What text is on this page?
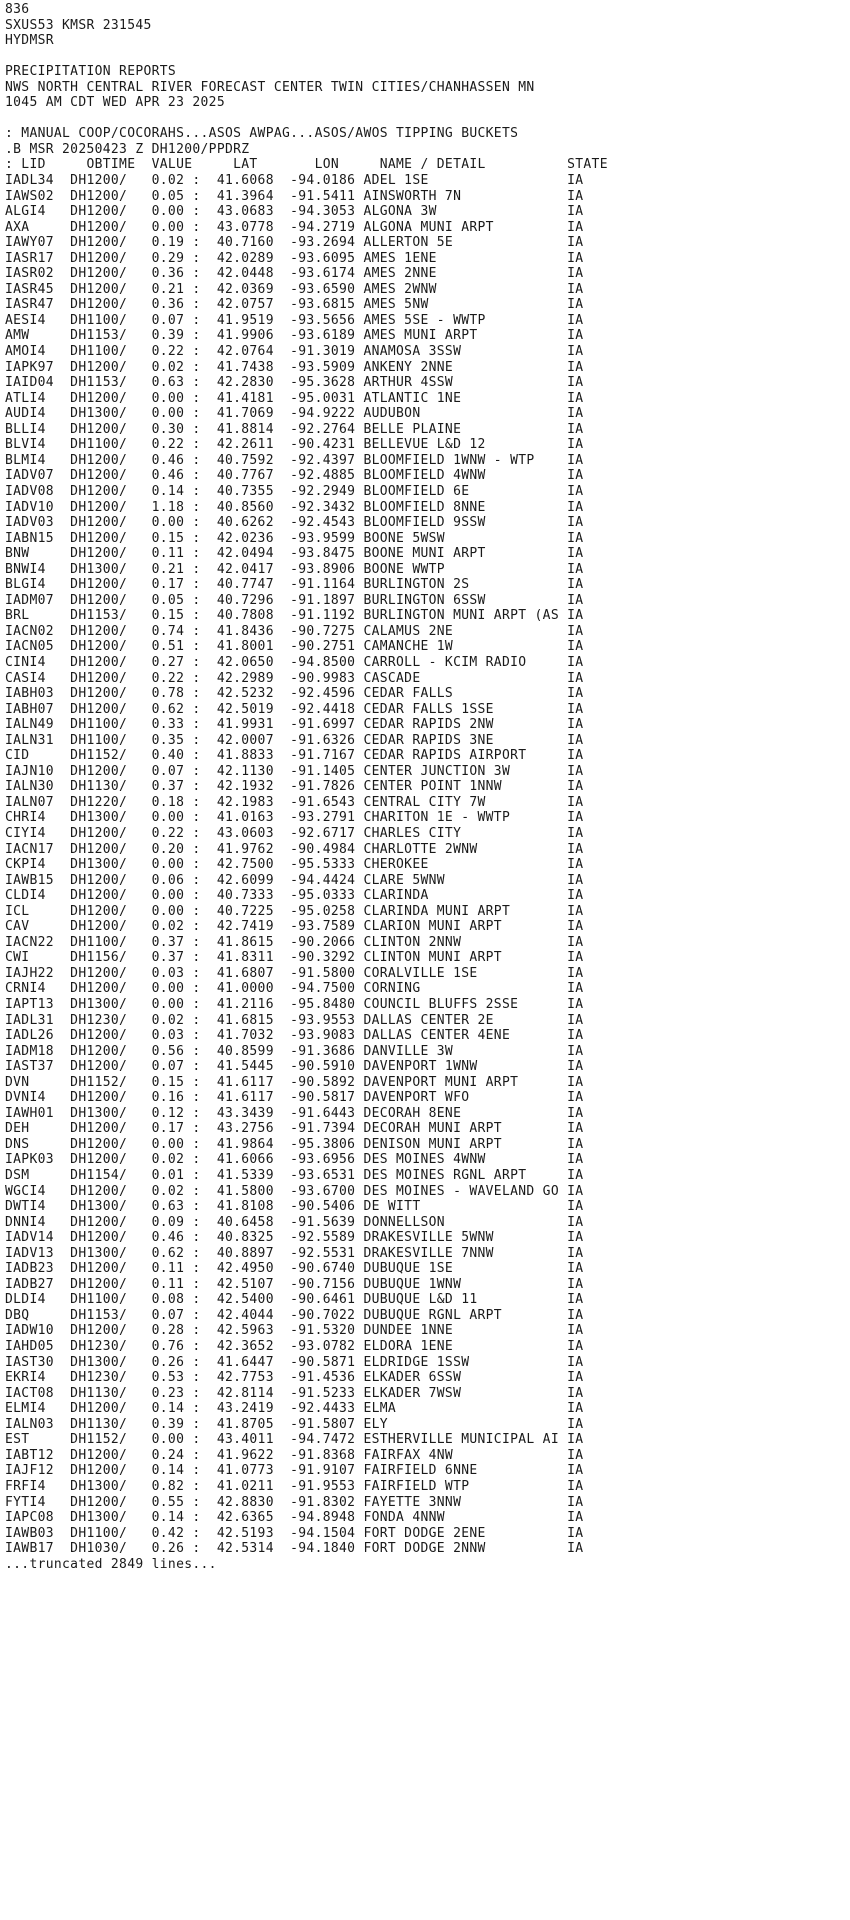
836
SXUS53 KMSR 231545
HYDMSR
PRECIPITATION REPORTS
NWS NORTH CENTRAL RIVER FORECAST CENTER TWIN CITIES/CHANHASSEN MN
1045 AM CDT WED APR 23 2025
: MANUAL COOP/COCORAHS...ASOS AWPAG...ASOS/AWOS TIPPING BUCKETS
.B MSR 20250423 Z DH1200/PPDRZ
: LID     OBTIME  VALUE     LAT       LON     NAME / DETAIL          STATE
IADL34  DH1200/   0.02 :  41.6068  -94.0186 ADEL 1SE                 IA
IAWS02  DH1200/   0.05 :  41.3964  -91.5411 AINSWORTH 7N             IA
ALGI4   DH1200/   0.00 :  43.0683  -94.3053 ALGONA 3W                IA
AXA     DH1200/   0.00 :  43.0778  -94.2719 ALGONA MUNI ARPT         IA
IAWY07  DH1200/   0.19 :  40.7160  -93.2694 ALLERTON 5E              IA
IASR17  DH1200/   0.29 :  42.0289  -93.6095 AMES 1ENE                IA
IASR02  DH1200/   0.36 :  42.0448  -93.6174 AMES 2NNE                IA
IASR45  DH1200/   0.21 :  42.0369  -93.6590 AMES 2WNW                IA
IASR47  DH1200/   0.36 :  42.0757  -93.6815 AMES 5NW                 IA
AESI4   DH1100/   0.07 :  41.9519  -93.5656 AMES 5SE - WWTP          IA
AMW     DH1153/   0.39 :  41.9906  -93.6189 AMES MUNI ARPT           IA
AMOI4   DH1100/   0.22 :  42.0764  -91.3019 ANAMOSA 3SSW             IA
IAPK97  DH1200/   0.02 :  41.7438  -93.5909 ANKENY 2NNE              IA
IAID04  DH1153/   0.63 :  42.2830  -95.3628 ARTHUR 4SSW              IA
ATLI4   DH1200/   0.00 :  41.4181  -95.0031 ATLANTIC 1NE             IA
AUDI4   DH1300/   0.00 :  41.7069  -94.9222 AUDUBON                  IA
BLLI4   DH1200/   0.30 :  41.8814  -92.2764 BELLE PLAINE             IA
BLVI4   DH1100/   0.22 :  42.2611  -90.4231 BELLEVUE L&D 12          IA
BLMI4   DH1200/   0.46 :  40.7592  -92.4397 BLOOMFIELD 1WNW - WTP    IA
IADV07  DH1200/   0.46 :  40.7767  -92.4885 BLOOMFIELD 4WNW          IA
IADV08  DH1200/   0.14 :  40.7355  -92.2949 BLOOMFIELD 6E            IA
IADV10  DH1200/   1.18 :  40.8560  -92.3432 BLOOMFIELD 8NNE          IA
IADV03  DH1200/   0.00 :  40.6262  -92.4543 BLOOMFIELD 9SSW          IA
IABN15  DH1200/   0.15 :  42.0236  -93.9599 BOONE 5WSW               IA
BNW     DH1200/   0.11 :  42.0494  -93.8475 BOONE MUNI ARPT          IA
BNWI4   DH1300/   0.21 :  42.0417  -93.8906 BOONE WWTP               IA
BLGI4   DH1200/   0.17 :  40.7747  -91.1164 BURLINGTON 2S            IA
IADM07  DH1200/   0.05 :  40.7296  -91.1897 BURLINGTON 6SSW          IA
BRL     DH1153/   0.15 :  40.7808  -91.1192 BURLINGTON MUNI ARPT (AS IA
IACN02  DH1200/   0.74 :  41.8436  -90.7275 CALAMUS 2NE              IA
IACN05  DH1200/   0.51 :  41.8001  -90.2751 CAMANCHE 1W              IA
CINI4   DH1200/   0.27 :  42.0650  -94.8500 CARROLL - KCIM RADIO     IA
CASI4   DH1200/   0.22 :  42.2989  -90.9983 CASCADE                  IA
IABH03  DH1200/   0.78 :  42.5232  -92.4596 CEDAR FALLS              IA
IABH07  DH1200/   0.62 :  42.5019  -92.4418 CEDAR FALLS 1SSE         IA
IALN49  DH1100/   0.33 :  41.9931  -91.6997 CEDAR RAPIDS 2NW         IA
IALN31  DH1100/   0.35 :  42.0007  -91.6326 CEDAR RAPIDS 3NE         IA
CID     DH1152/   0.40 :  41.8833  -91.7167 CEDAR RAPIDS AIRPORT     IA
IAJN10  DH1200/   0.07 :  42.1130  -91.1405 CENTER JUNCTION 3W       IA
IALN30  DH1130/   0.37 :  42.1932  -91.7826 CENTER POINT 1NNW        IA
IALN07  DH1220/   0.18 :  42.1983  -91.6543 CENTRAL CITY 7W          IA
CHRI4   DH1300/   0.00 :  41.0163  -93.2791 CHARITON 1E - WWTP       IA
CIYI4   DH1200/   0.22 :  43.0603  -92.6717 CHARLES CITY             IA
IACN17  DH1200/   0.20 :  41.9762  -90.4984 CHARLOTTE 2WNW           IA
CKPI4   DH1300/   0.00 :  42.7500  -95.5333 CHEROKEE                 IA
IAWB15  DH1200/   0.06 :  42.6099  -94.4424 CLARE 5WNW               IA
CLDI4   DH1200/   0.00 :  40.7333  -95.0333 CLARINDA                 IA
ICL     DH1200/   0.00 :  40.7225  -95.0258 CLARINDA MUNI ARPT       IA
CAV     DH1200/   0.02 :  42.7419  -93.7589 CLARION MUNI ARPT        IA
IACN22  DH1100/   0.37 :  41.8615  -90.2066 CLINTON 2NNW             IA
CWI     DH1156/   0.37 :  41.8311  -90.3292 CLINTON MUNI ARPT        IA
IAJH22  DH1200/   0.03 :  41.6807  -91.5800 CORALVILLE 1SE           IA
CRNI4   DH1200/   0.00 :  41.0000  -94.7500 CORNING                  IA
IAPT13  DH1300/   0.00 :  41.2116  -95.8480 COUNCIL BLUFFS 2SSE      IA
IADL31  DH1230/   0.02 :  41.6815  -93.9553 DALLAS CENTER 2E         IA
IADL26  DH1200/   0.03 :  41.7032  -93.9083 DALLAS CENTER 4ENE       IA
IADM18  DH1200/   0.56 :  40.8599  -91.3686 DANVILLE 3W              IA
IAST37  DH1200/   0.07 :  41.5445  -90.5910 DAVENPORT 1WNW           IA
DVN     DH1152/   0.15 :  41.6117  -90.5892 DAVENPORT MUNI ARPT      IA
DVNI4   DH1200/   0.16 :  41.6117  -90.5817 DAVENPORT WFO            IA
IAWH01  DH1300/   0.12 :  43.3439  -91.6443 DECORAH 8ENE             IA
DEH     DH1200/   0.17 :  43.2756  -91.7394 DECORAH MUNI ARPT        IA
DNS     DH1200/   0.00 :  41.9864  -95.3806 DENISON MUNI ARPT        IA
IAPK03  DH1200/   0.02 :  41.6066  -93.6956 DES MOINES 4WNW          IA
DSM     DH1154/   0.01 :  41.5339  -93.6531 DES MOINES RGNL ARPT     IA
WGCI4   DH1200/   0.02 :  41.5800  -93.6700 DES MOINES - WAVELAND GO IA
DWTI4   DH1300/   0.63 :  41.8108  -90.5406 DE WITT                  IA
DNNI4   DH1200/   0.09 :  40.6458  -91.5639 DONNELLSON               IA
IADV14  DH1200/   0.46 :  40.8325  -92.5589 DRAKESVILLE 5WNW         IA
IADV13  DH1300/   0.62 :  40.8897  -92.5531 DRAKESVILLE 7NNW         IA
IADB23  DH1200/   0.11 :  42.4950  -90.6740 DUBUQUE 1SE              IA
IADB27  DH1200/   0.11 :  42.5107  -90.7156 DUBUQUE 1WNW             IA
DLDI4   DH1100/   0.08 :  42.5400  -90.6461 DUBUQUE L&D 11           IA
DBQ     DH1153/   0.07 :  42.4044  -90.7022 DUBUQUE RGNL ARPT        IA
IADW10  DH1200/   0.28 :  42.5963  -91.5320 DUNDEE 1NNE              IA
IAHD05  DH1230/   0.76 :  42.3652  -93.0782 ELDORA 1ENE              IA
IAST30  DH1300/   0.26 :  41.6447  -90.5871 ELDRIDGE 1SSW            IA
EKRI4   DH1230/   0.53 :  42.7753  -91.4536 ELKADER 6SSW             IA
IACT08  DH1130/   0.23 :  42.8114  -91.5233 ELKADER 7WSW             IA
ELMI4   DH1200/   0.14 :  43.2419  -92.4433 ELMA                     IA
IALN03  DH1130/   0.39 :  41.8705  -91.5807 ELY                      IA
EST     DH1152/   0.00 :  43.4011  -94.7472 ESTHERVILLE MUNICIPAL AI IA
IABT12  DH1200/   0.24 :  41.9622  -91.8368 FAIRFAX 4NW              IA
IAJF12  DH1200/   0.14 :  41.0773  -91.9107 FAIRFIELD 6NNE           IA
FRFI4   DH1300/   0.82 :  41.0211  -91.9553 FAIRFIELD WTP            IA
FYTI4   DH1200/   0.55 :  42.8830  -91.8302 FAYETTE 3NNW             IA
IAPC08  DH1300/   0.14 :  42.6365  -94.8948 FONDA 4NNW               IA
IAWB03  DH1100/   0.42 :  42.5193  -94.1504 FORT DODGE 2ENE          IA
IAWB17  DH1030/   0.26 :  42.5314  -94.1840 FORT DODGE 2NNW          IA
...truncated 2849 lines...
